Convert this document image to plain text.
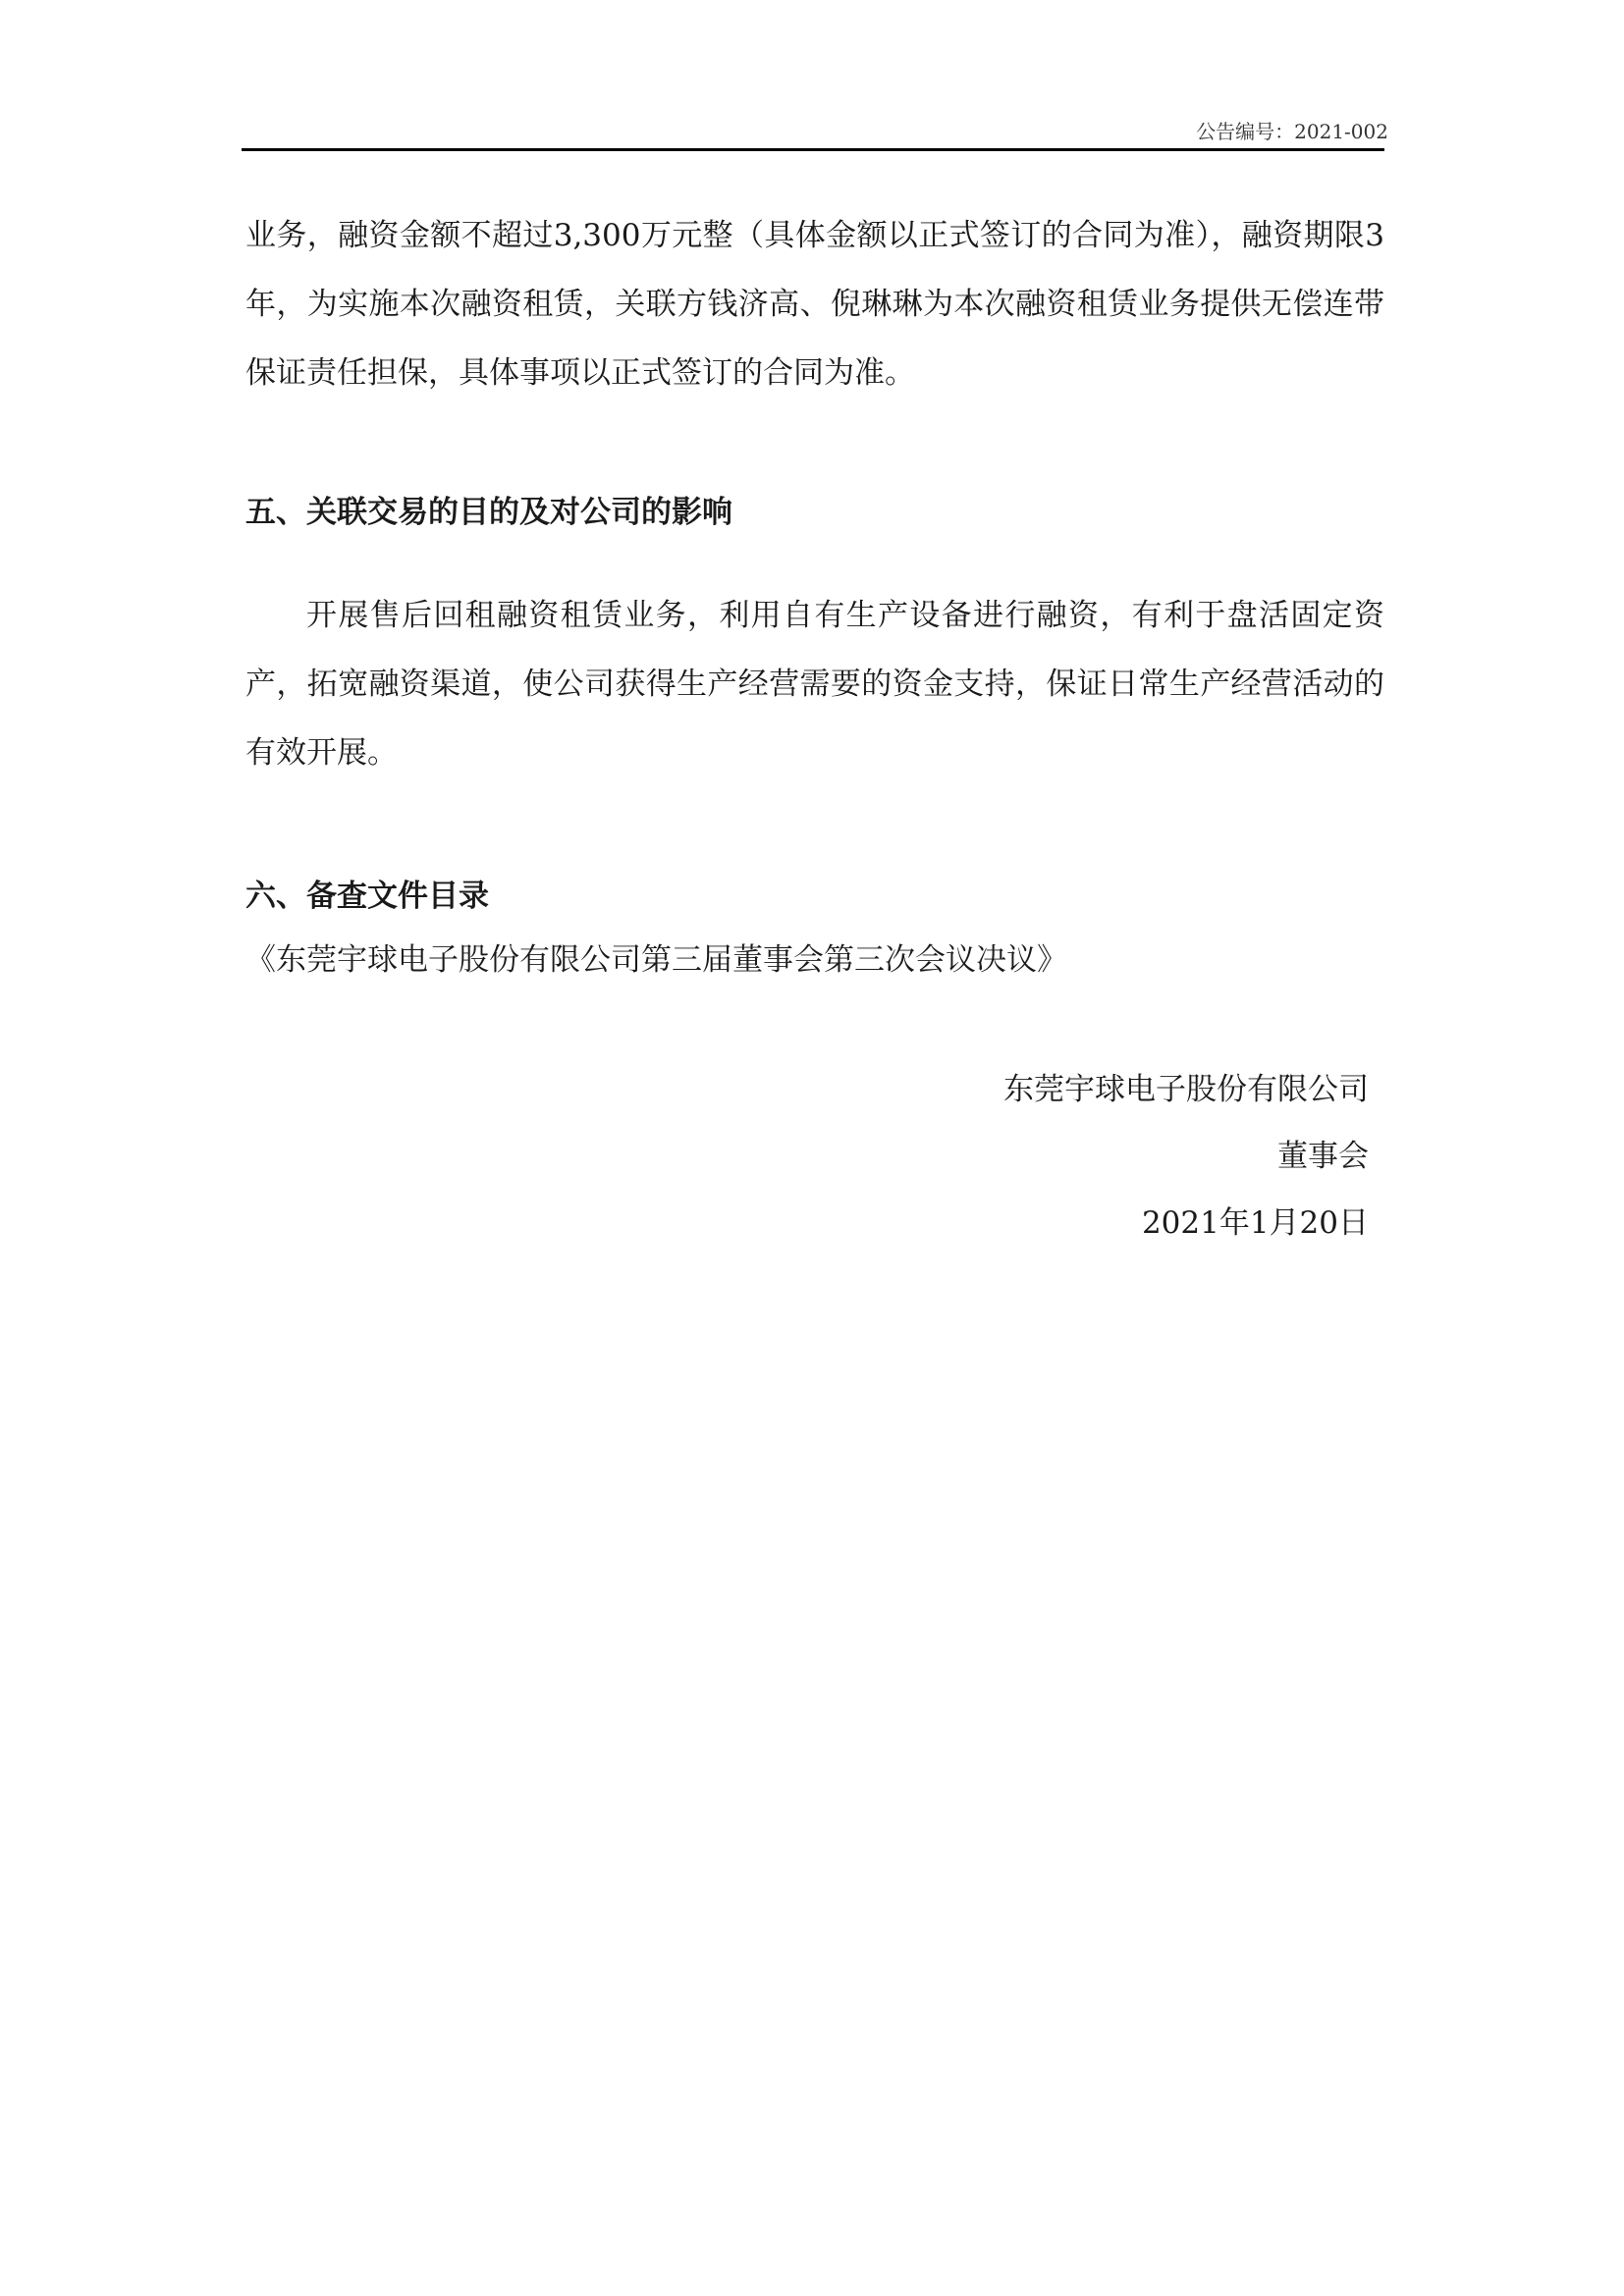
公告编号：2021-002

业务，融资金额不超过3,300万元整（具体金额以正式签订的合同为准），融资期限3年，为实施本次融资租赁，关联方钱济高、倪琳琳为本次融资租赁业务提供无偿连带保证责任担保，具体事项以正式签订的合同为准。

五、关联交易的目的及对公司的影响

开展售后回租融资租赁业务，利用自有生产设备进行融资，有利于盘活固定资产，拓宽融资渠道，使公司获得生产经营需要的资金支持，保证日常生产经营活动的有效开展。

六、备查文件目录
《东莞宇球电子股份有限公司第三届董事会第三次会议决议》
东莞宇球电子股份有限公司
董事会
2021年1月20日
